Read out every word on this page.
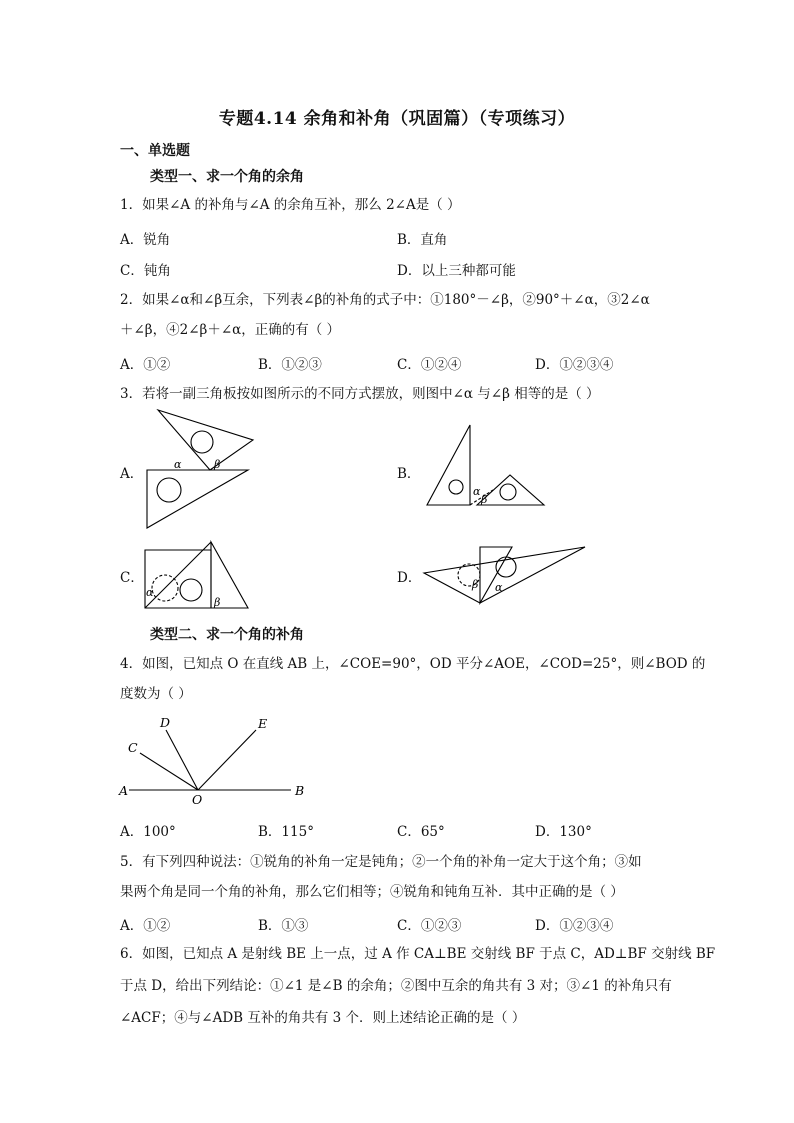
专题4.14 余角和补角（巩固篇）（专项练习）
一、单选题
类型一、求一个角的余角
1．如果∠A 的补角与∠A 的余角互补，那么 2∠A是（ ）
A．锐角	B．直角
C．钝角	D．以上三种都可能
2．如果∠α和∠β互余，下列表∠β的补角的式子中：①180°－∠β，②90°＋∠α，③2∠α
＋∠β，④2∠β＋∠α，正确的有（ ）
A．①②	B．①②③	C．①②④	D．①②③④
3．若将一副三角板按如图所示的不同方式摆放，则图中∠α 与∠β 相等的是（ ）
A．
α	β
B．
α
β
C．
α
β
D．	β α
类型二、求一个角的补角
4．如图，已知点 O 在直线 AB 上，∠COE=90°，OD 平分∠AOE，∠COD=25°，则∠BOD 的
度数为（ ）
A	B
C
D	E
O
A．100°	B．115°	C．65°	D．130°
5．有下列四种说法：①锐角的补角一定是钝角；②一个角的补角一定大于这个角；③如
果两个角是同一个角的补角，那么它们相等；④锐角和钝角互补．其中正确的是（ ）
A．①②	B．①③	C．①②③	D．①②③④
6．如图，已知点 A 是射线 BE 上一点，过 A 作 CA⊥BE 交射线 BF 于点 C，AD⊥BF 交射线 BF
于点 D，给出下列结论：①∠1 是∠B 的余角；②图中互余的角共有 3 对；③∠1 的补角只有
∠ACF；④与∠ADB 互补的角共有 3 个．则上述结论正确的是（ ）
